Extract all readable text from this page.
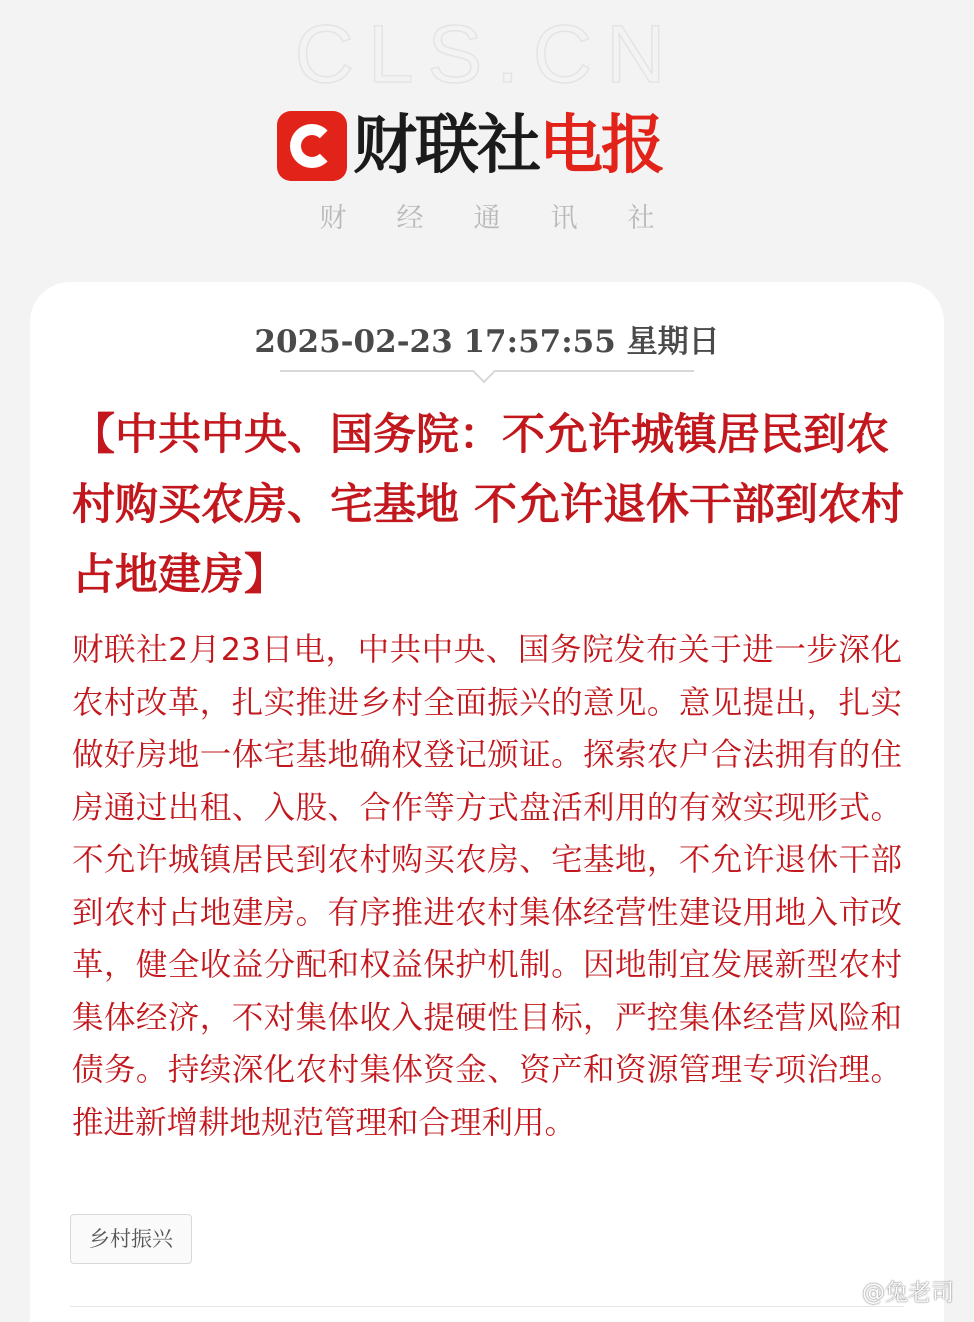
CLS.CN
财联社电报
财经通讯社
2025-02-23 17:57:55 星期日
【中共中央、国务院：不允许城镇居民到农村购买农房、宅基地 不允许退休干部到农村占地建房】

财联社2月23日电，中共中央、国务院发布关于进一步深化农村改革，扎实推进乡村全面振兴的意见。意见提出，扎实做好房地一体宅基地确权登记颁证。探索农户合法拥有的住房通过出租、入股、合作等方式盘活利用的有效实现形式。不允许城镇居民到农村购买农房、宅基地，不允许退休干部到农村占地建房。有序推进农村集体经营性建设用地入市改革，健全收益分配和权益保护机制。因地制宜发展新型农村集体经济，不对集体收入提硬性目标，严控集体经营风险和债务。持续深化农村集体资金、资产和资源管理专项治理。推进新增耕地规范管理和合理利用。

乡村振兴
@兔老司
